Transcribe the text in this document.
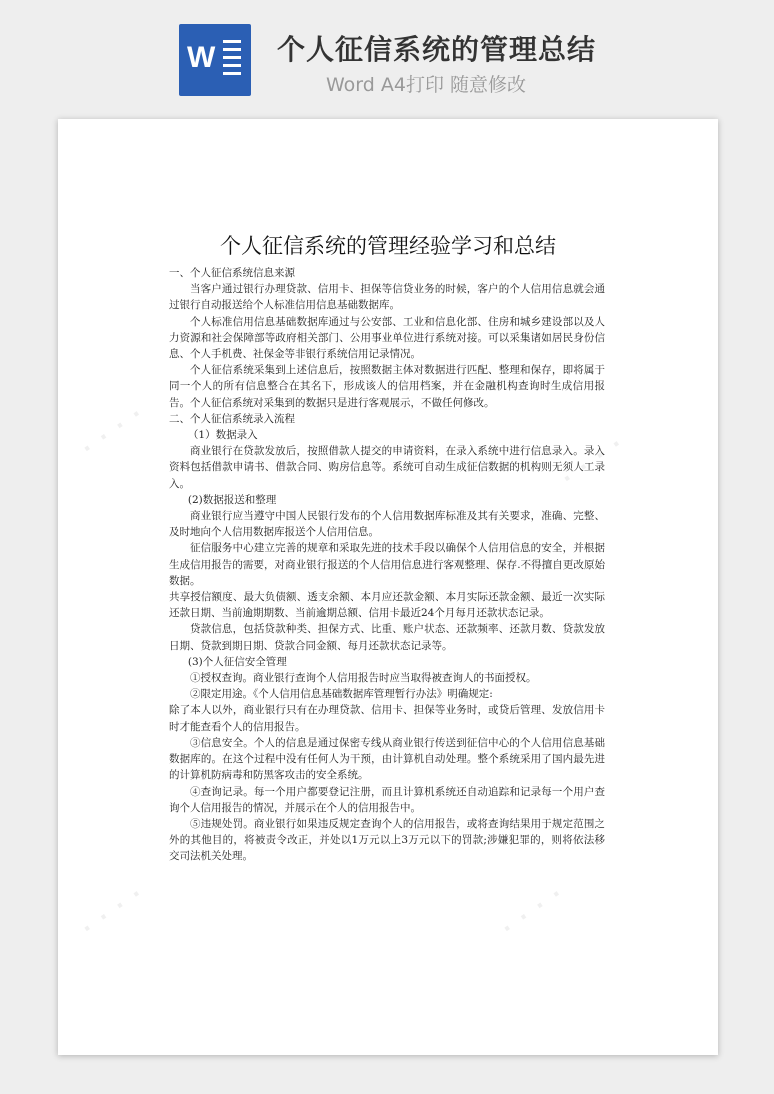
W 个人征信系统的管理总结
Word A4打印 随意修改
· · · ·	· · · ·
· · · ·	· · · ·
个人征信系统的管理经验学习和总结

一、个人征信系统信息来源

当客户通过银行办理贷款、信用卡、担保等信贷业务的时候，客户的个人信用信息就会通过银行自动报送给个人标准信用信息基础数据库。

个人标准信用信息基础数据库通过与公安部、工业和信息化部、住房和城乡建设部以及人力资源和社会保障部等政府相关部门、公用事业单位进行系统对接。可以采集诸如居民身份信息、个人手机费、社保金等非银行系统信用记录情况。

个人征信系统采集到上述信息后，按照数据主体对数据进行匹配、整理和保存，即将属于同一个人的所有信息整合在其名下，形成该人的信用档案，并在金融机构查询时生成信用报告。个人征信系统对采集到的数据只是进行客观展示，不做任何修改。

二、个人征信系统录入流程

（1）数据录入

商业银行在贷款发放后，按照借款人提交的申请资料，在录入系统中进行信息录入。录入资料包括借款申请书、借款合同、购房信息等。系统可自动生成征信数据的机构则无须人工录入。

(2)数据报送和整理

商业银行应当遵守中国人民银行发布的个人信用数据库标准及其有关要求，准确、完整、及时地向个人信用数据库报送个人信用信息。

征信服务中心建立完善的规章和采取先进的技术手段以确保个人信用信息的安全，并根据生成信用报告的需要，对商业银行报送的个人信用信息进行客观整理、保存.不得擅自更改原始数据。

共享授信额度、最大负债额、透支余额、本月应还款金额、本月实际还款金额、最近一次实际还款日期、当前逾期期数、当前逾期总额、信用卡最近24个月每月还款状态记录。

贷款信息，包括贷款种类、担保方式、比重、账户状态、还款频率、还款月数、贷款发放日期、贷款到期日期、贷款合同金额、每月还款状态记录等。

(3)个人征信安全管理

①授权查询。商业银行查询个人信用报告时应当取得被查询人的书面授权。

②限定用途。《个人信用信息基础数据库管理暂行办法》明确规定:

除了本人以外，商业银行只有在办理贷款、信用卡、担保等业务时，或贷后管理、发放信用卡时才能查看个人的信用报告。

③信息安全。个人的信息是通过保密专线从商业银行传送到征信中心的个人信用信息基础数据库的。在这个过程中没有任何人为干预，由计算机自动处理。整个系统采用了国内最先进的计算机防病毒和防黑客攻击的安全系统。

④查询记录。每一个用户都要登记注册，而且计算机系统还自动追踪和记录每一个用户查询个人信用报告的情况，并展示在个人的信用报告中。

⑤违规处罚。商业银行如果违反规定查询个人的信用报告，或将查询结果用于规定范围之外的其他目的，将被责令改正，并处以1万元以上3万元以下的罚款;涉嫌犯罪的，则将依法移交司法机关处理。
